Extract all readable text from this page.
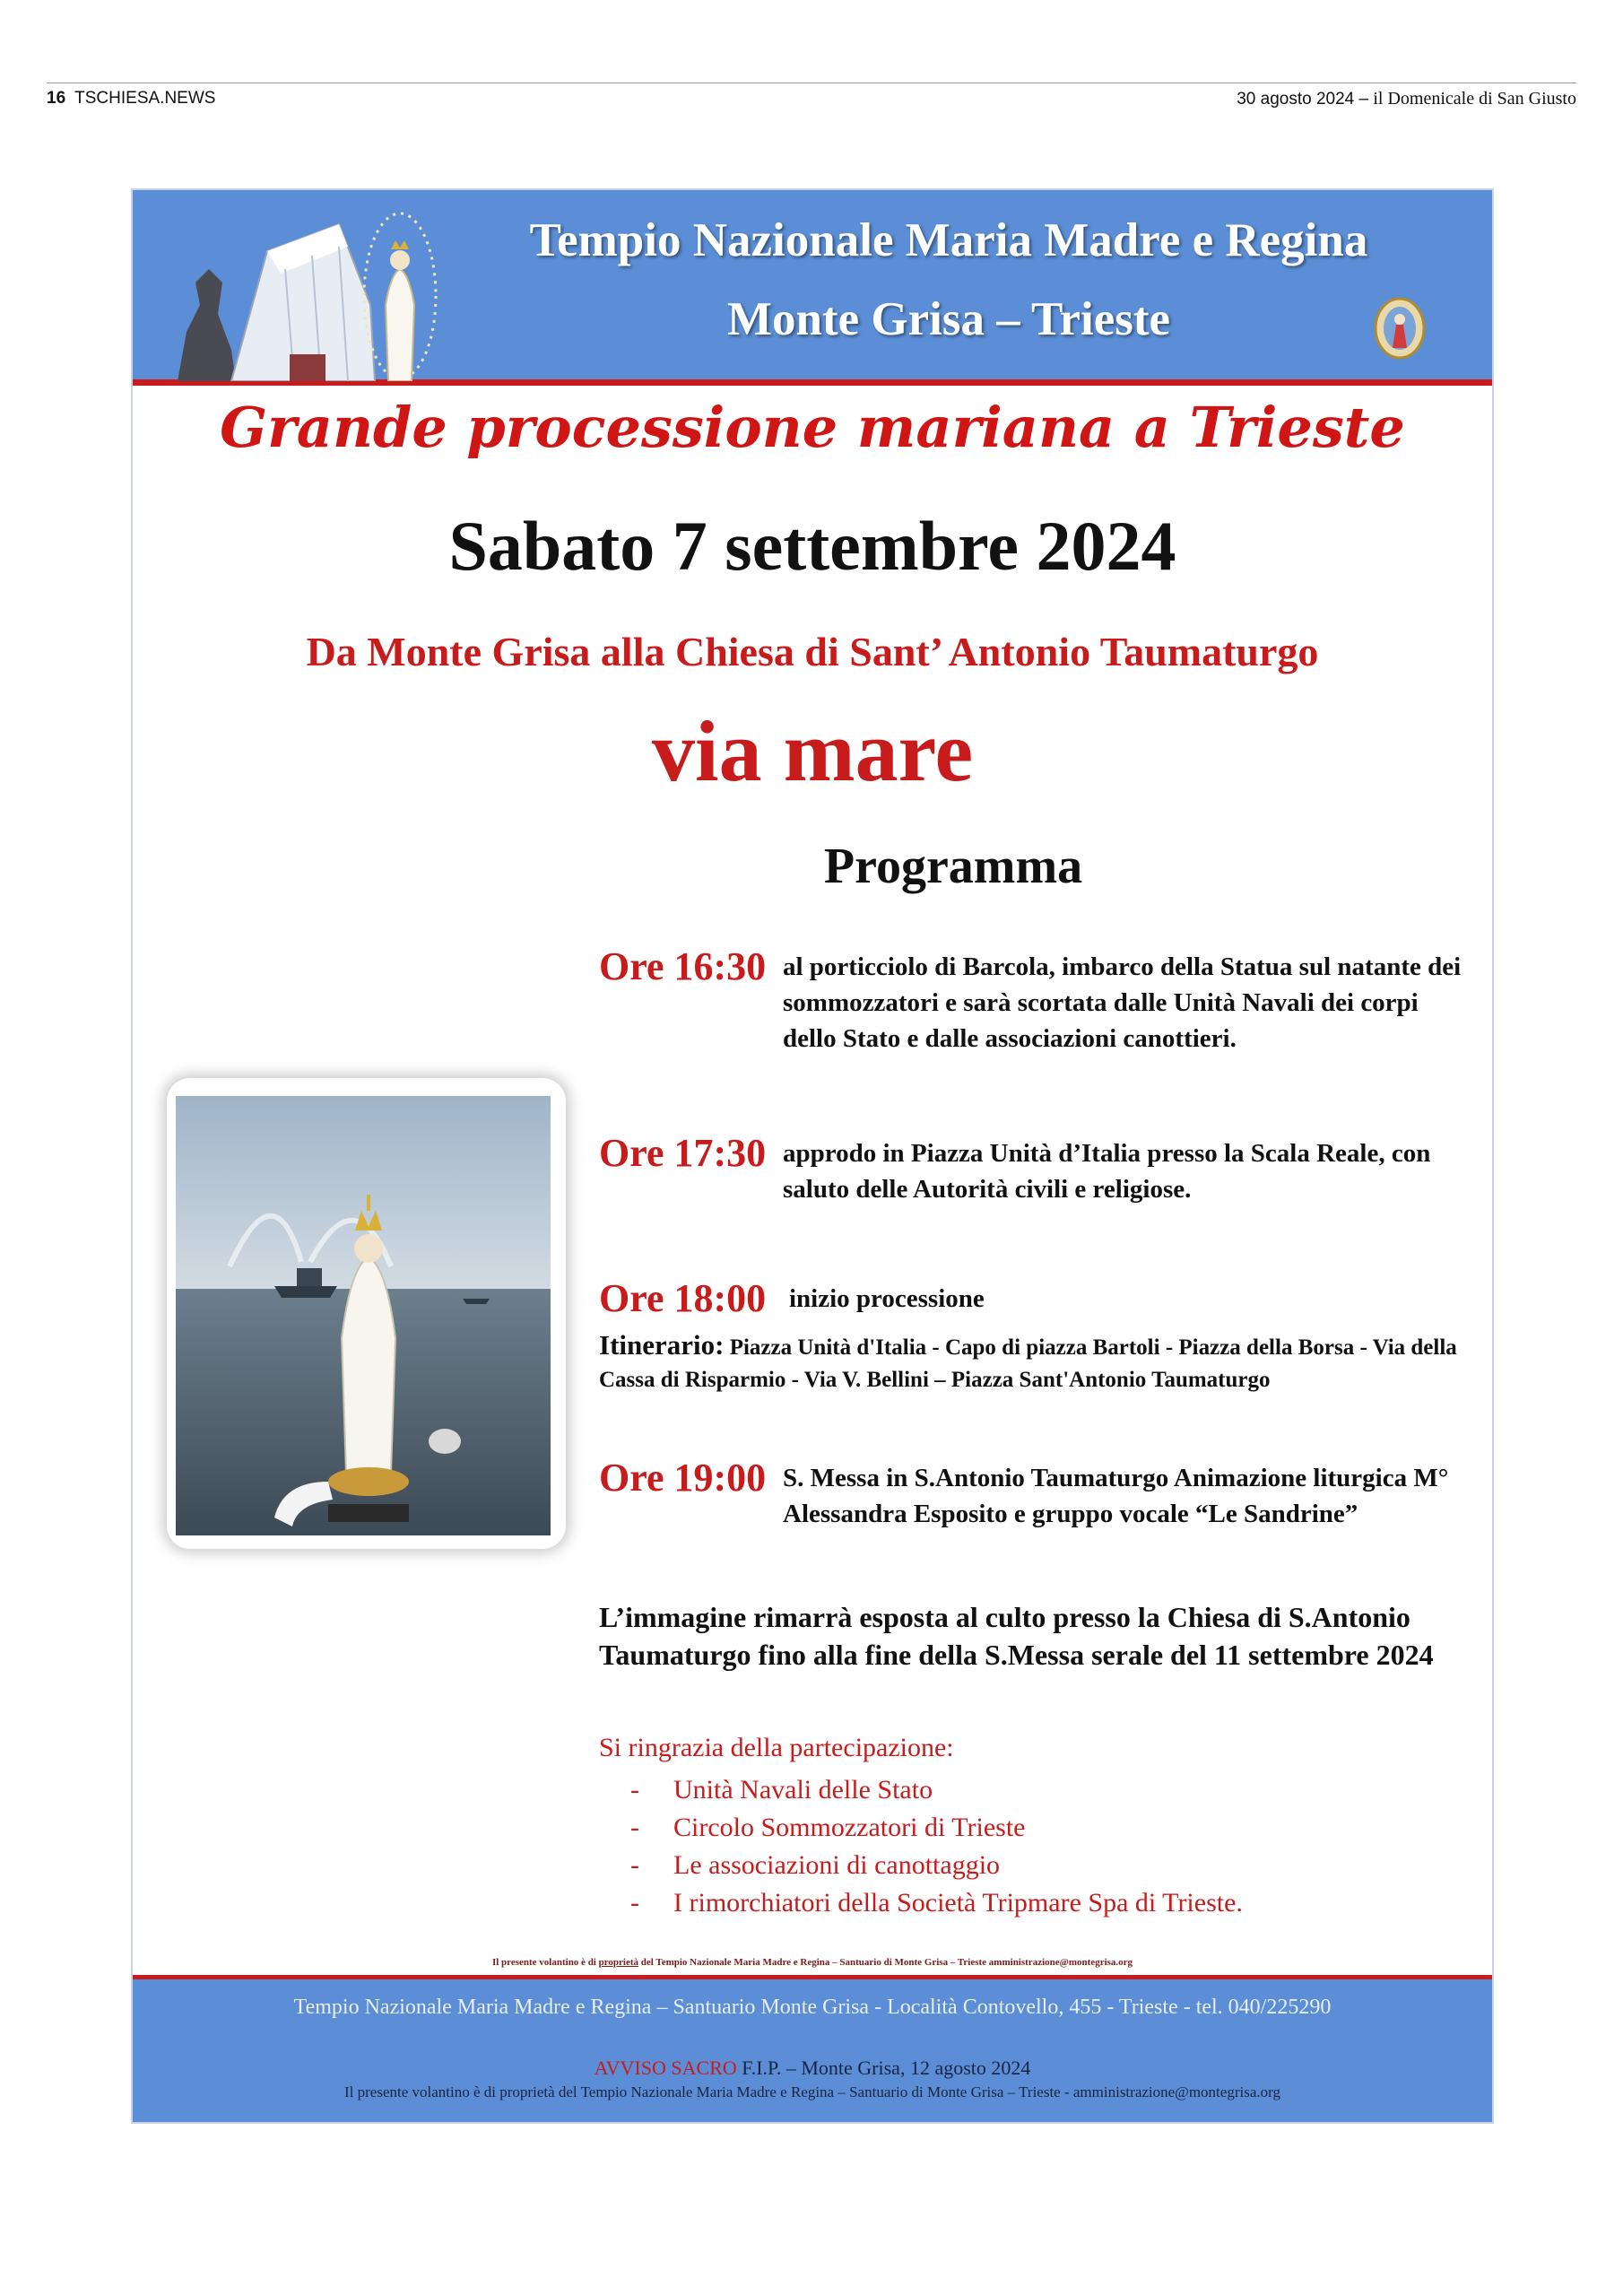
16 TSCHIESA.NEWS	30 agosto 2024 – il Domenicale di San Giusto
Tempio Nazionale Maria Madre e Regina
Monte Grisa – Trieste
Grande processione mariana a Trieste
Sabato 7 settembre 2024
Da Monte Grisa alla Chiesa di Sant’ Antonio Taumaturgo
via mare
Programma
Ore 16:30 al porticciolo di Barcola, imbarco della Statua sul natante dei sommozzatori e sarà scortata dalle Unità Navali dei corpi dello Stato e dalle associazioni canottieri.
Ore 17:30 approdo in Piazza Unità d’Italia presso la Scala Reale, con saluto delle Autorità civili e religiose.
Ore 18:00 inizio processione
Itinerario: Piazza Unità d'Italia - Capo di piazza Bartoli - Piazza della Borsa - Via della Cassa di Risparmio - Via V. Bellini – Piazza Sant'Antonio Taumaturgo
Ore 19:00 S. Messa in S.Antonio Taumaturgo Animazione liturgica M° Alessandra Esposito e gruppo vocale “Le Sandrine”
L’immagine rimarrà esposta al culto presso la Chiesa di S.Antonio Taumaturgo fino alla fine della S.Messa serale del 11 settembre 2024
Si ringrazia della partecipazione:
- Unità Navali delle Stato
- Circolo Sommozzatori di Trieste
- Le associazioni di canottaggio
- I rimorchiatori della Società Tripmare Spa di Trieste.
Il presente volantino è di proprietà del Tempio Nazionale Maria Madre e Regina – Santuario di Monte Grisa – Trieste amministrazione@montegrisa.org
Tempio Nazionale Maria Madre e Regina – Santuario Monte Grisa - Località Contovello, 455 - Trieste - tel. 040/225290
AVVISO SACRO F.I.P. – Monte Grisa, 12 agosto 2024
Il presente volantino è di proprietà del Tempio Nazionale Maria Madre e Regina – Santuario di Monte Grisa – Trieste - amministrazione@montegrisa.org
